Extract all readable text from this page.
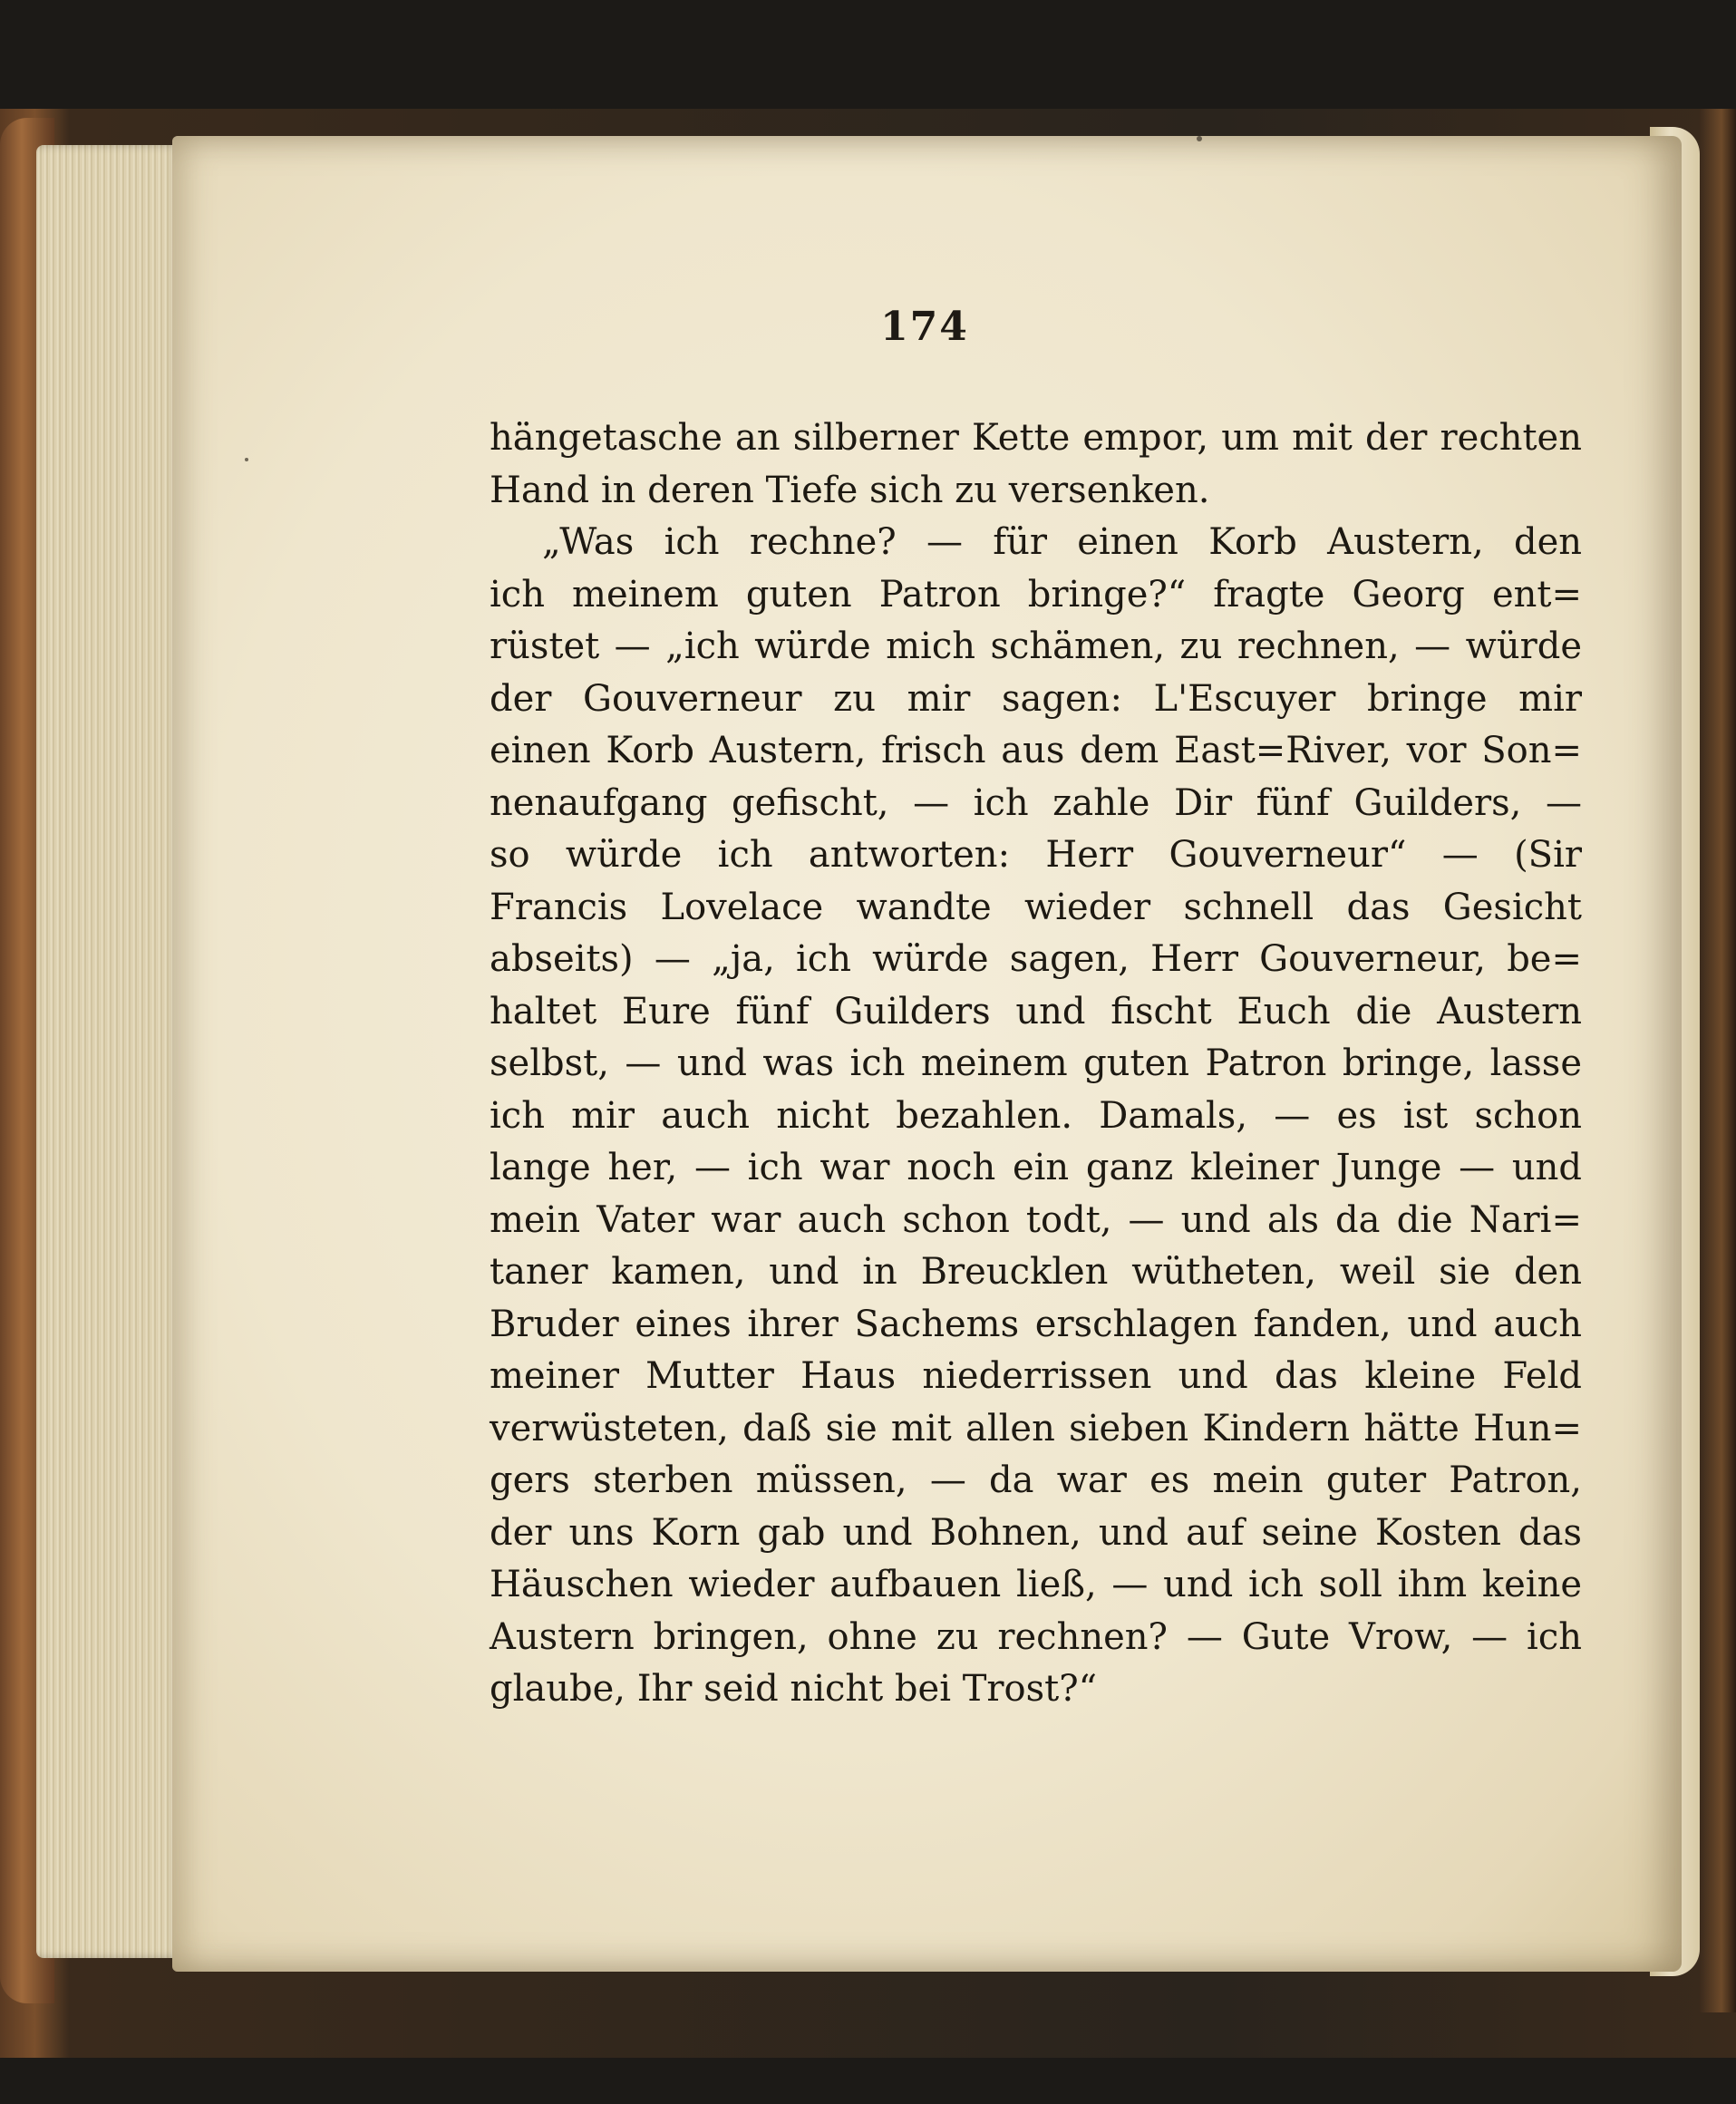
174
hängetasche an silberner Kette empor, um mit der rechten
Hand in deren Tiefe sich zu versenken.
„Was ich rechne? — für einen Korb Austern, den
ich meinem guten Patron bringe?“ fragte Georg ent=
rüstet — „ich würde mich schämen, zu rechnen, — würde
der Gouverneur zu mir sagen: L'Escuyer bringe mir
einen Korb Austern, frisch aus dem East=River, vor Son=
nenaufgang gefischt, — ich zahle Dir fünf Guilders, —
so würde ich antworten: Herr Gouverneur“ — (Sir
Francis Lovelace wandte wieder schnell das Gesicht
abseits) — „ja, ich würde sagen, Herr Gouverneur, be=
haltet Eure fünf Guilders und fischt Euch die Austern
selbst, — und was ich meinem guten Patron bringe, lasse
ich mir auch nicht bezahlen. Damals, — es ist schon
lange her, — ich war noch ein ganz kleiner Junge — und
mein Vater war auch schon todt, — und als da die Nari=
taner kamen, und in Breucklen wütheten, weil sie den
Bruder eines ihrer Sachems erschlagen fanden, und auch
meiner Mutter Haus niederrissen und das kleine Feld
verwüsteten, daß sie mit allen sieben Kindern hätte Hun=
gers sterben müssen, — da war es mein guter Patron,
der uns Korn gab und Bohnen, und auf seine Kosten das
Häuschen wieder aufbauen ließ, — und ich soll ihm keine
Austern bringen, ohne zu rechnen? — Gute Vrow, — ich
glaube, Ihr seid nicht bei Trost?“
